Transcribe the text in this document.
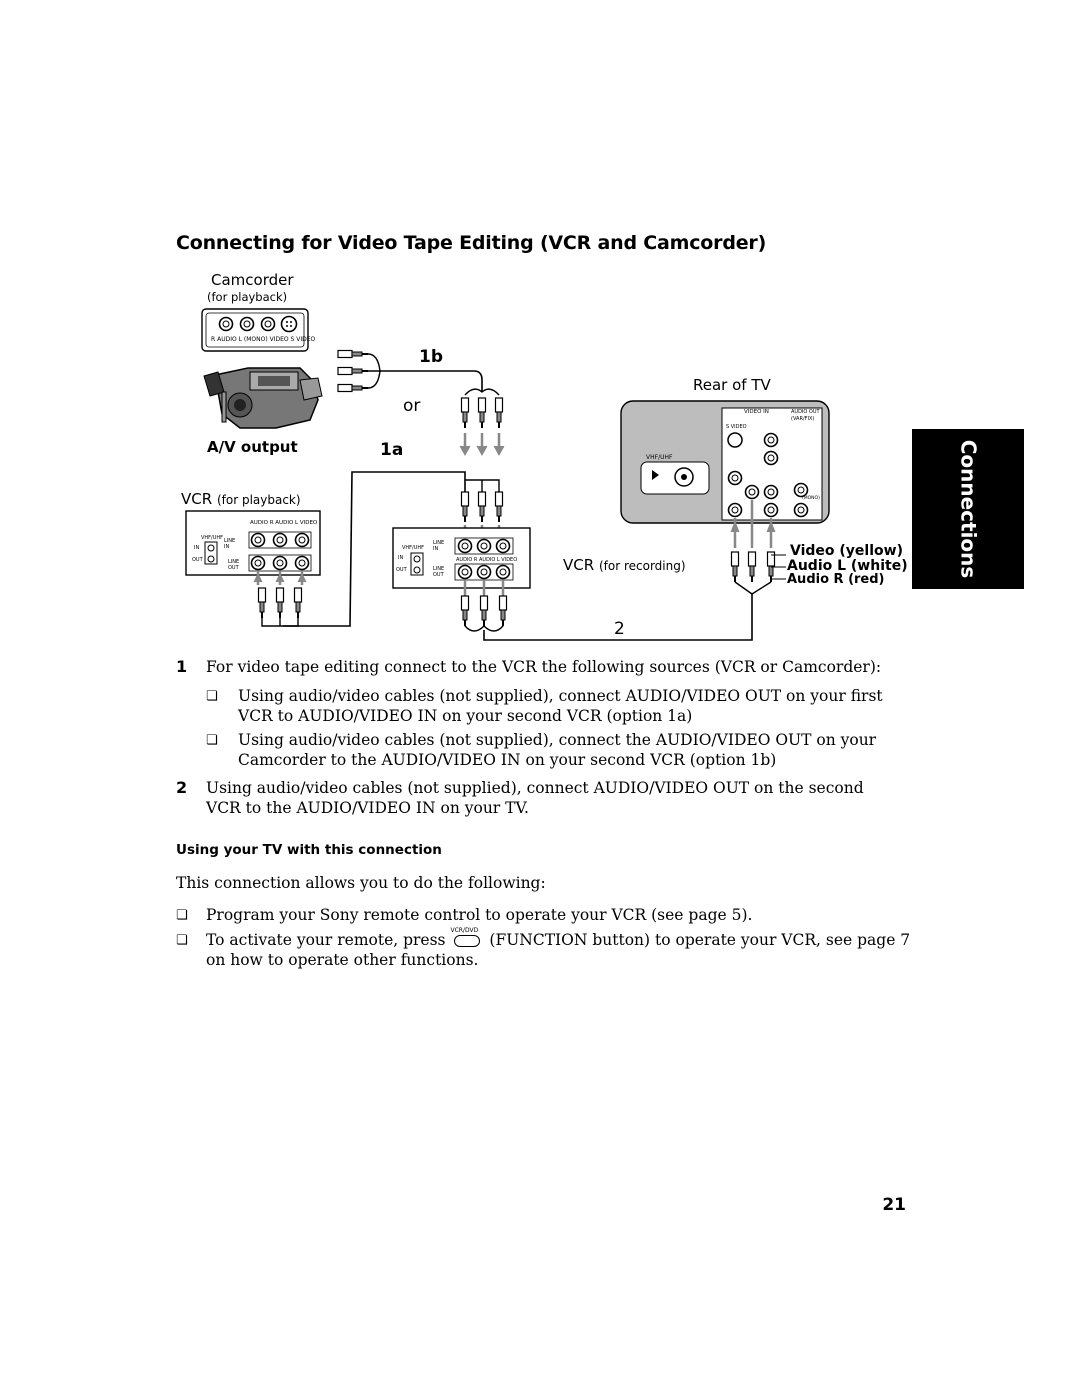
Connecting for Video Tape Editing (VCR and Camcorder)
Connections
Camcorder
(for playback)
R AUDIO L (MONO) VIDEO S VIDEO
A/V output
1b
or
1a
VCR (for playback)
AUDIO R AUDIO L VIDEO
VHF/UHF
IN
OUT
LINE IN
LINE OUT
VHF/UHF
IN
OUT
LINE IN
LINE OUT
AUDIO R AUDIO L VIDEO	VCR (for recording)
Rear of TV
VIDEO IN	AUDIO OUT
(VAR/FIX)
S VIDEO
VHF/UHF
(MONO)
Video (yellow)
Audio L (white)
Audio R (red)
2
1 For video tape editing connect to the VCR the following sources (VCR or Camcorder):
❏ Using audio/video cables (not supplied), connect AUDIO/VIDEO OUT on your first VCR to AUDIO/VIDEO IN on your second VCR (option 1a)
❏ Using audio/video cables (not supplied), connect the AUDIO/VIDEO OUT on your Camcorder to the AUDIO/VIDEO IN on your second VCR (option 1b)
2 Using audio/video cables (not supplied), connect AUDIO/VIDEO OUT on the second VCR to the AUDIO/VIDEO IN on your TV.
Using your TV with this connection
This connection allows you to do the following:
❏ Program your Sony remote control to operate your VCR (see page 5).
❏ To activate your remote, press
VCR/DVD
(FUNCTION button) to operate your VCR, see page 7 on how to operate other functions.
21
